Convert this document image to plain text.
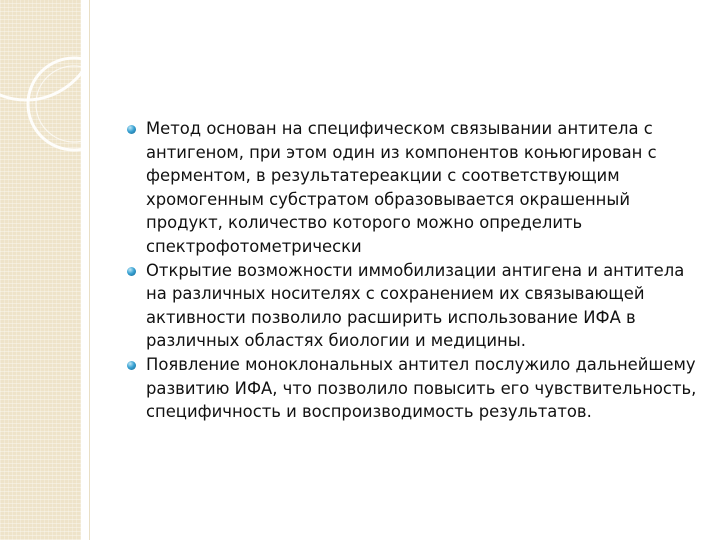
Метод основан на специфическом связывании антитела с антигеном, при этом один из компонентов коњюгирован с ферментом, в результатереакции с соответствующим хромогенным субстратом образовывается окрашенный продукт, количество которого можно определить спектрофотометрически
Открытие возможности иммобилизации антигена и антитела на различных носителях с сохранением их связывающей активности позволило расширить использование ИФА в различных областях биологии и медицины.
Появление моноклональных антител послужило дальнейшему развитию ИФА, что позволило повысить его чувствительность, специфичность и воспроизводимость результатов.
